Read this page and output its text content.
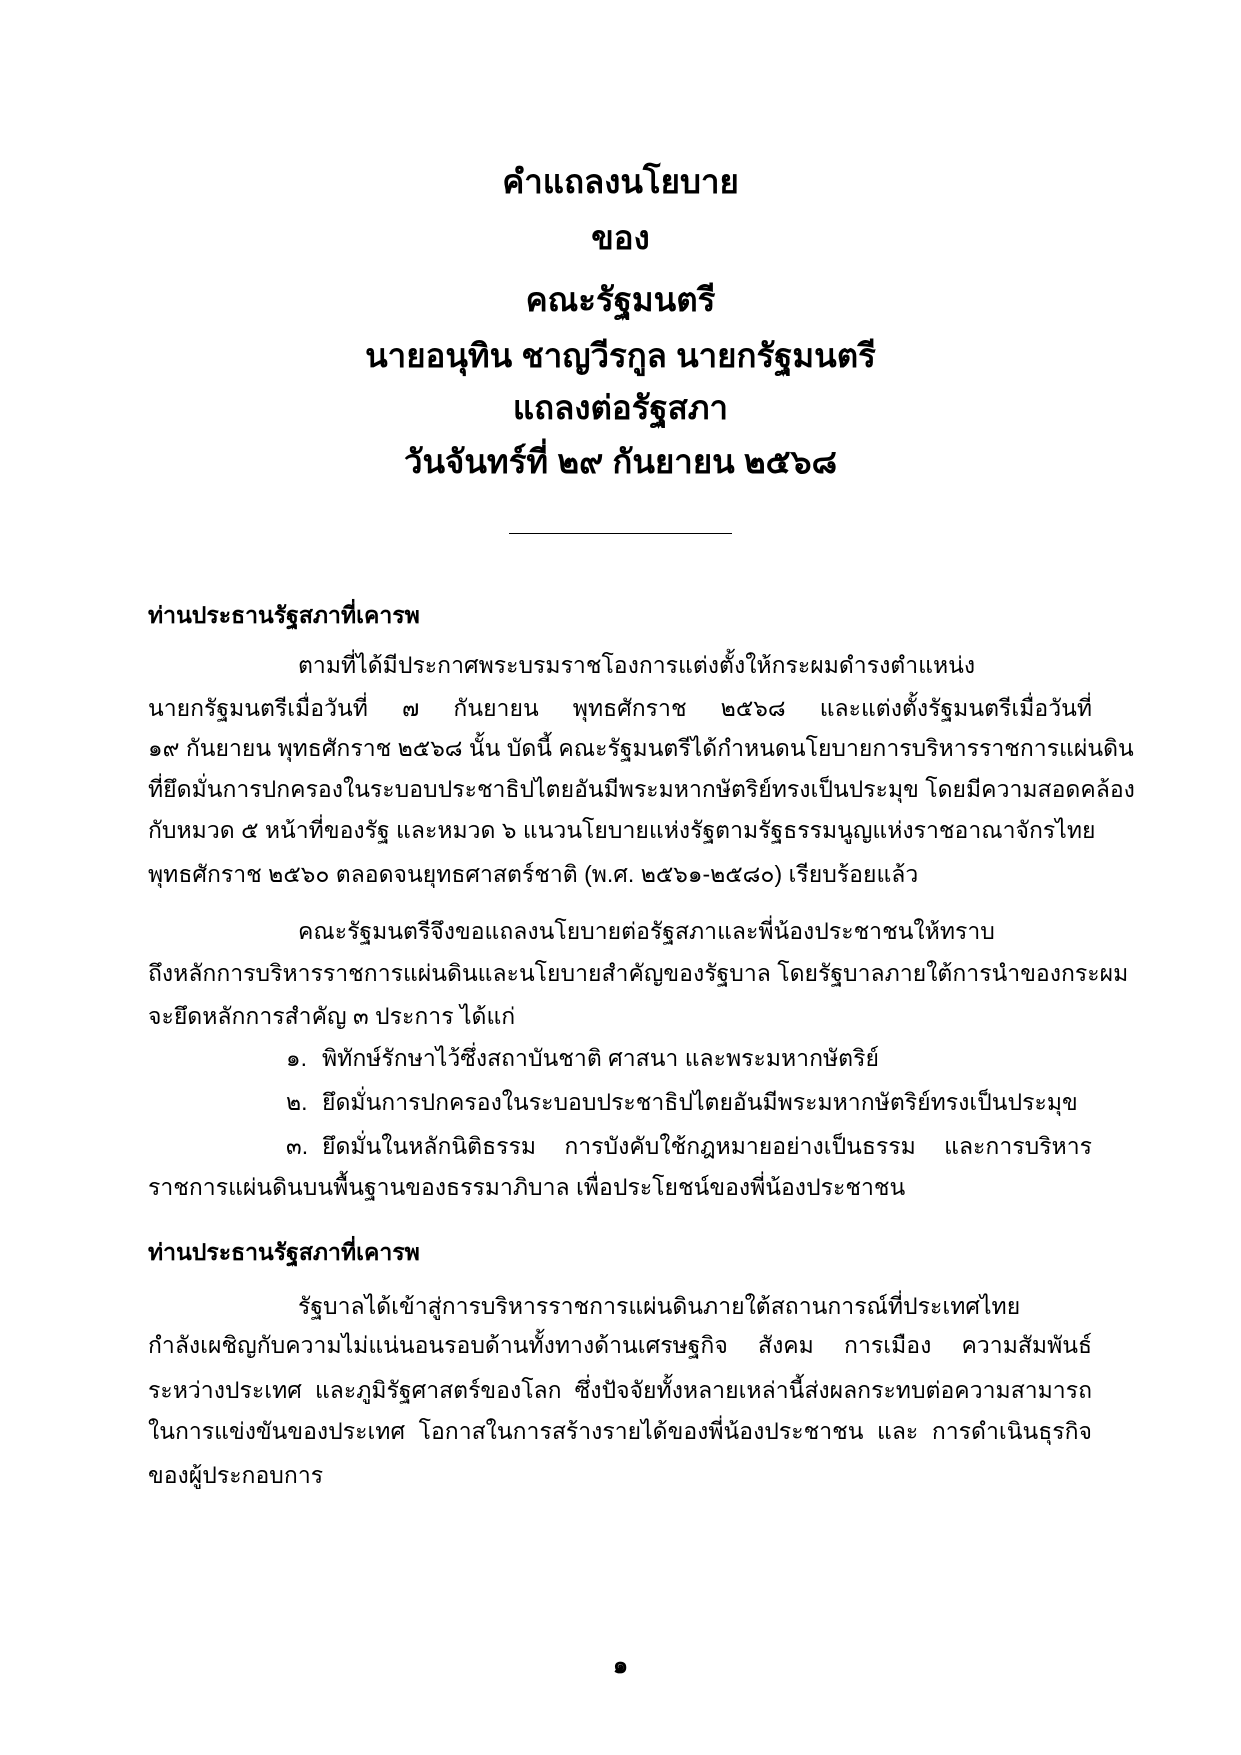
คำแถลงนโยบาย
ของ
คณะรัฐมนตรี
นายอนุทิน ชาญวีรกูล นายกรัฐมนตรี
แถลงต่อรัฐสภา
วันจันทร์ที่ ๒๙ กันยายน ๒๕๖๘
ท่านประธานรัฐสภาที่เคารพ
ตามที่ได้มีประกาศพระบรมราชโองการแต่งตั้งให้กระผมดำรงตำแหน่ง
นายกรัฐมนตรีเมื่อวันที่ ๗ กันยายน พุทธศักราช ๒๕๖๘ และแต่งตั้งรัฐมนตรีเมื่อวันที่
๑๙ กันยายน พุทธศักราช ๒๕๖๘ นั้น บัดนี้ คณะรัฐมนตรีได้กำหนดนโยบายการบริหารราชการแผ่นดิน
ที่ยึดมั่นการปกครองในระบอบประชาธิปไตยอันมีพระมหากษัตริย์ทรงเป็นประมุข โดยมีความสอดคล้อง
กับหมวด ๕ หน้าที่ของรัฐ และหมวด ๖ แนวนโยบายแห่งรัฐตามรัฐธรรมนูญแห่งราชอาณาจักรไทย
พุทธศักราช ๒๕๖๐ ตลอดจนยุทธศาสตร์ชาติ (พ.ศ. ๒๕๖๑-๒๕๘๐) เรียบร้อยแล้ว
คณะรัฐมนตรีจึงขอแถลงนโยบายต่อรัฐสภาและพี่น้องประชาชนให้ทราบ
ถึงหลักการบริหารราชการแผ่นดินและนโยบายสำคัญของรัฐบาล โดยรัฐบาลภายใต้การนำของกระผม
จะยึดหลักการสำคัญ ๓ ประการ ได้แก่
๑. พิทักษ์รักษาไว้ซึ่งสถาบันชาติ ศาสนา และพระมหากษัตริย์
๒. ยึดมั่นการปกครองในระบอบประชาธิปไตยอันมีพระมหากษัตริย์ทรงเป็นประมุข
๓. ยึดมั่นในหลักนิติธรรม การบังคับใช้กฎหมายอย่างเป็นธรรม และการบริหาร
ราชการแผ่นดินบนพื้นฐานของธรรมาภิบาล เพื่อประโยชน์ของพี่น้องประชาชน
ท่านประธานรัฐสภาที่เคารพ
รัฐบาลได้เข้าสู่การบริหารราชการแผ่นดินภายใต้สถานการณ์ที่ประเทศไทย
กำลังเผชิญกับความไม่แน่นอนรอบด้านทั้งทางด้านเศรษฐกิจ สังคม การเมือง ความสัมพันธ์
ระหว่างประเทศ และภูมิรัฐศาสตร์ของโลก ซึ่งปัจจัยทั้งหลายเหล่านี้ส่งผลกระทบต่อความสามารถ
ในการแข่งขันของประเทศ โอกาสในการสร้างรายได้ของพี่น้องประชาชน และ การดำเนินธุรกิจ
ของผู้ประกอบการ
๑
